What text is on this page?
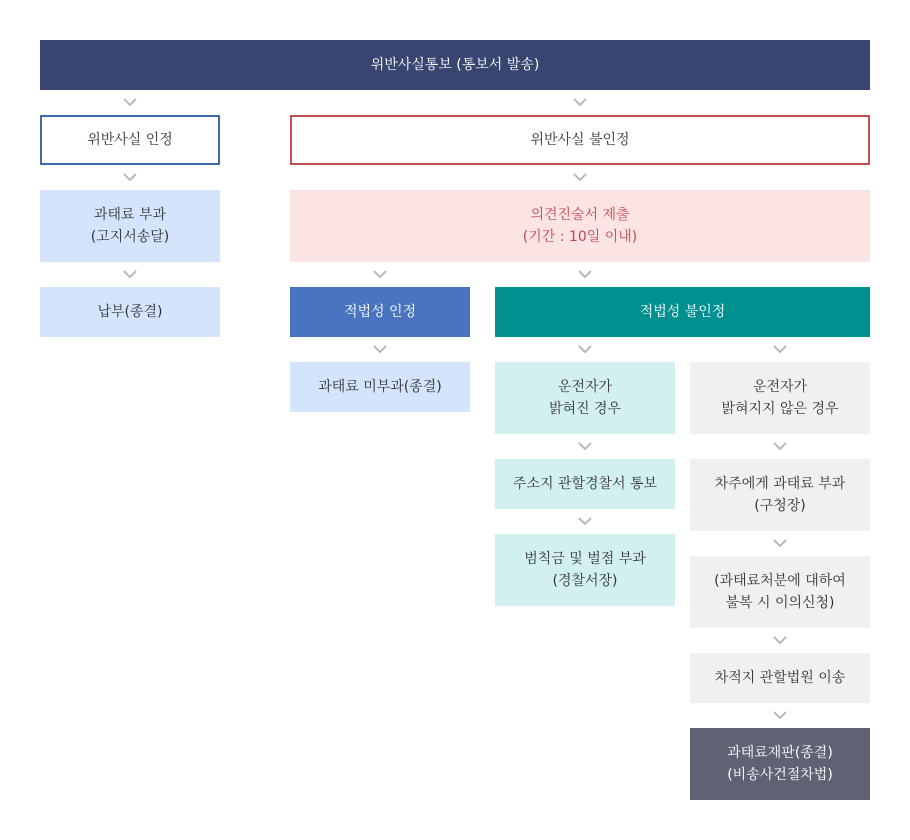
위반사실통보 (통보서 발송)
위반사실 인정	위반사실 불인정
과태료 부과
(고지서송달)
의견진술서 제출
(기간 : 10일 이내)
납부(종결)	적법성 인정	적법성 불인정
과태료 미부과(종결)	운전자가
밝혀진 경우
운전자가
밝혀지지 않은 경우
주소지 관할경찰서 통보	차주에게 과태료 부과
(구청장)
범칙금 및 벌점 부과
(경찰서장)	(과태료처분에 대하여
불복 시 이의신청)
차적지 관할법원 이송
과태료재판(종결)
(비송사건절차법)
